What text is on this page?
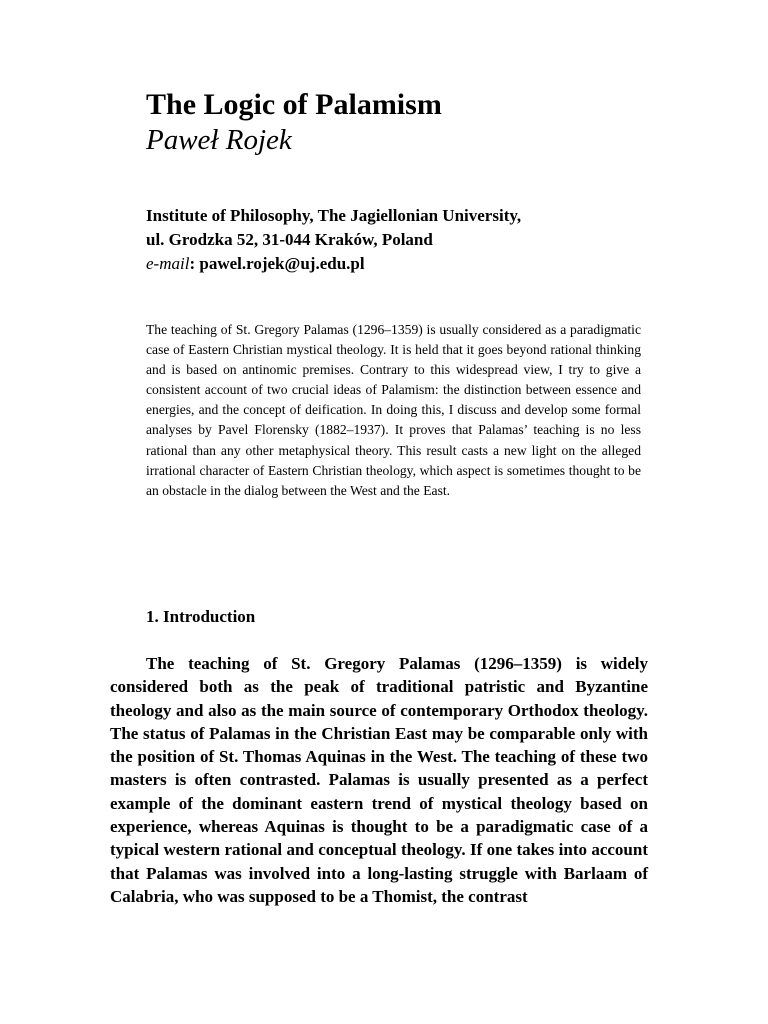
The Logic of Palamism
Paweł Rojek
Institute of Philosophy, The Jagiellonian University,
ul. Grodzka 52, 31-044 Kraków, Poland
e-mail: pawel.rojek@uj.edu.pl

The teaching of St. Gregory Palamas (1296–1359) is usually considered as a paradigmatic case of Eastern Christian mystical theology. It is held that it goes beyond rational thinking and is based on antinomic premises. Contrary to this widespread view, I try to give a consistent account of two crucial ideas of Palamism: the distinction between essence and energies, and the concept of deification. In doing this, I discuss and develop some formal analyses by Pavel Florensky (1882–1937). It proves that Palamas’ teaching is no less rational than any other metaphysical theory. This result casts a new light on the alleged irrational character of Eastern Christian theology, which aspect is sometimes thought to be an obstacle in the dialog between the West and the East.

1. Introduction

The teaching of St. Gregory Palamas (1296–1359) is widely considered both as the peak of traditional patristic and Byzantine theology and also as the main source of contemporary Orthodox theology. The status of Palamas in the Christian East may be comparable only with the position of St. Thomas Aquinas in the West. The teaching of these two masters is often contrasted. Palamas is usually presented as a perfect example of the dominant eastern trend of mystical theology based on experience, whereas Aquinas is thought to be a paradigmatic case of a typical western rational and conceptual theology. If one takes into account that Palamas was involved into a long-lasting struggle with Barlaam of Calabria, who was supposed to be a Thomist, the contrast
